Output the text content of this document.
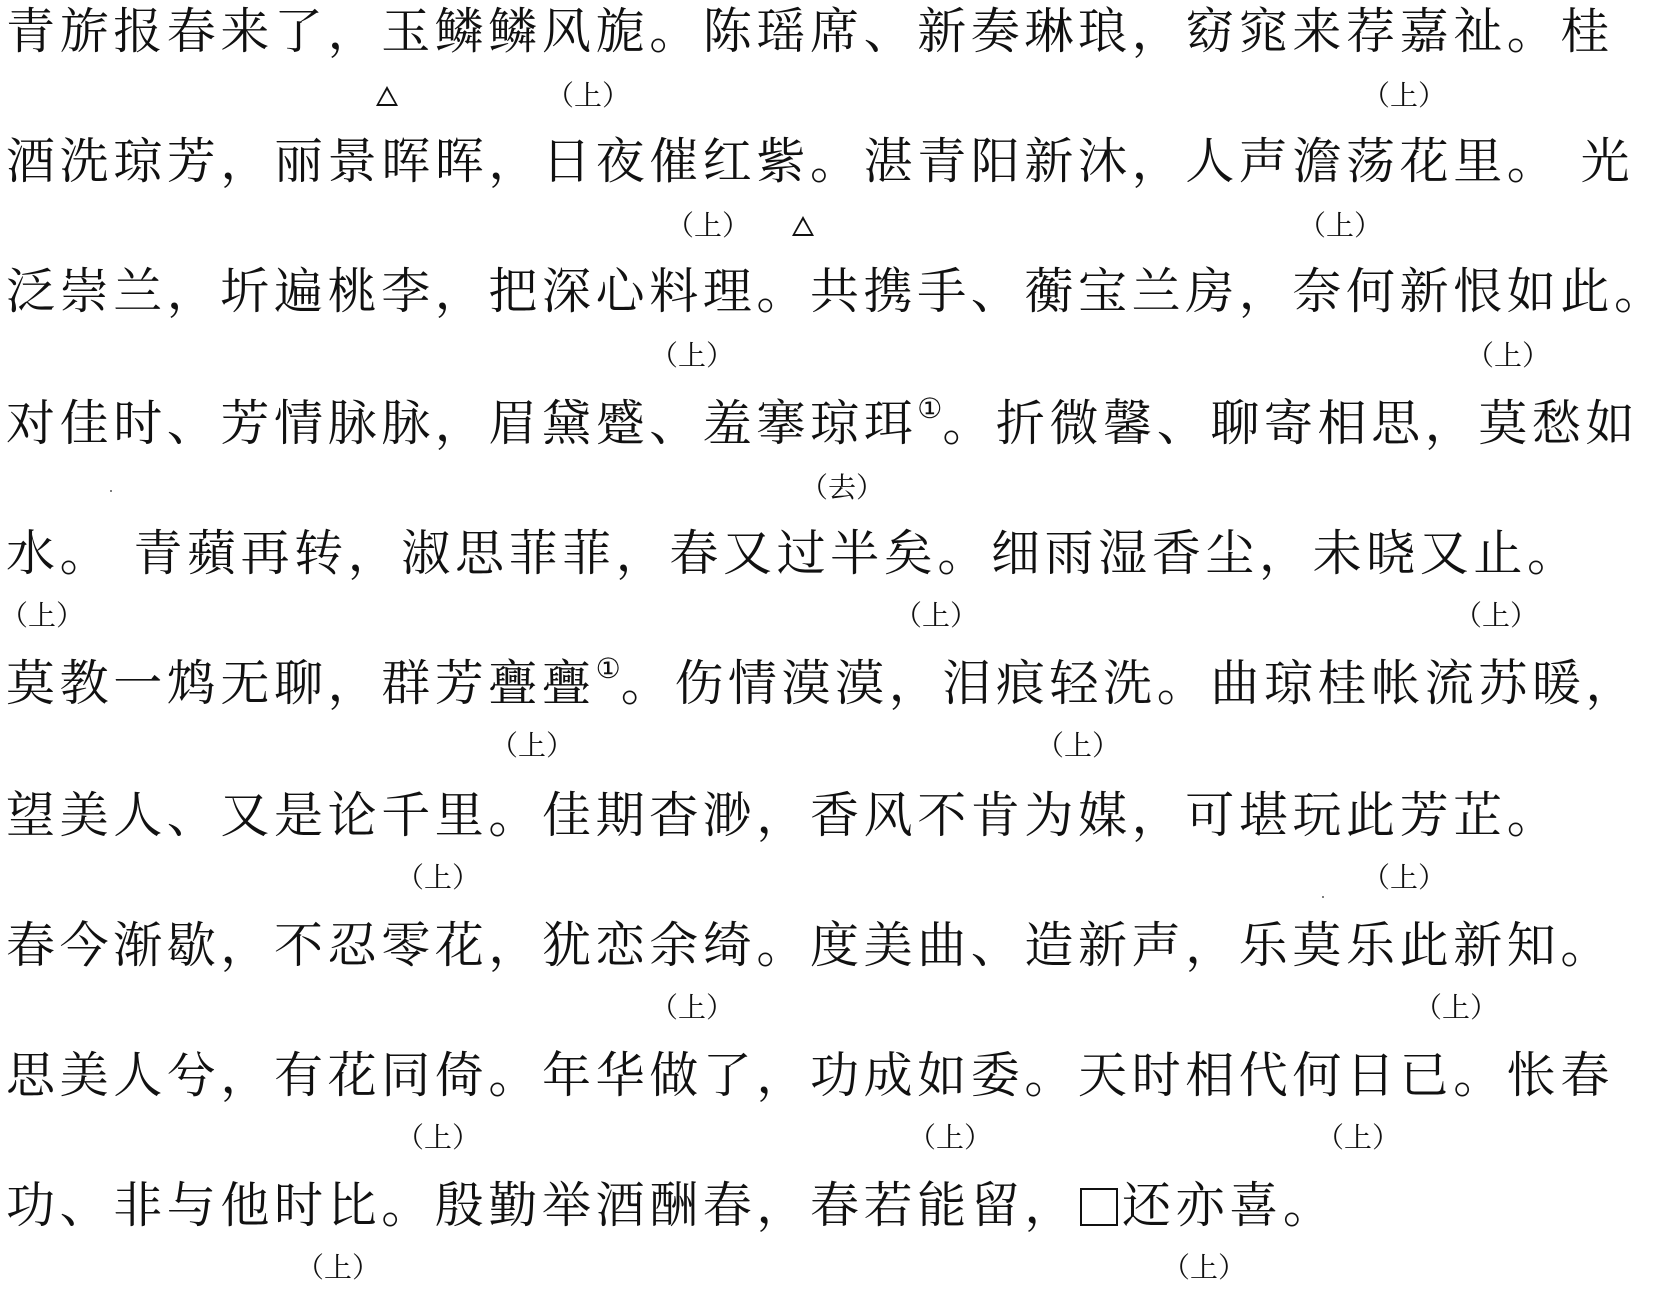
青旂报春来了，玉鳞鳞风旎。陈瑶席、新奏琳琅，窈窕来荐嘉祉。桂
（上）	（上）
酒洗琼芳，丽景晖晖，日夜催红紫。湛青阳新沐，人声澹荡花里。 光
（上）	（上）
泛崇兰，圻遍桃李，把深心料理。共携手、蘅宝兰房，奈何新恨如此。
（上）	（上）
对佳时、芳情脉脉，眉黛蹙、羞搴琼珥①。折微馨、聊寄相思，莫愁如
（去）
水。 青蘋再转，淑思菲菲，春又过半矣。细雨湿香尘，未晓又止。
（上）	（上）	（上）
莫教一鸩无聊，群芳亹亹①。伤情漠漠，泪痕轻洗。曲琼桂帐流苏暖，
（上）	（上）
望美人、又是论千里。佳期杳渺，香风不肯为媒，可堪玩此芳芷。
（上）	（上）
春今渐歇，不忍零花，犹恋余绮。度美曲、造新声，乐莫乐此新知。
（上）	（上）
思美人兮，有花同倚。年华做了，功成如委。天时相代何日已。怅春
（上）	（上）	（上）
功、非与他时比。殷勤举酒酬春，春若能留， 还亦喜。
（上）	（上）
